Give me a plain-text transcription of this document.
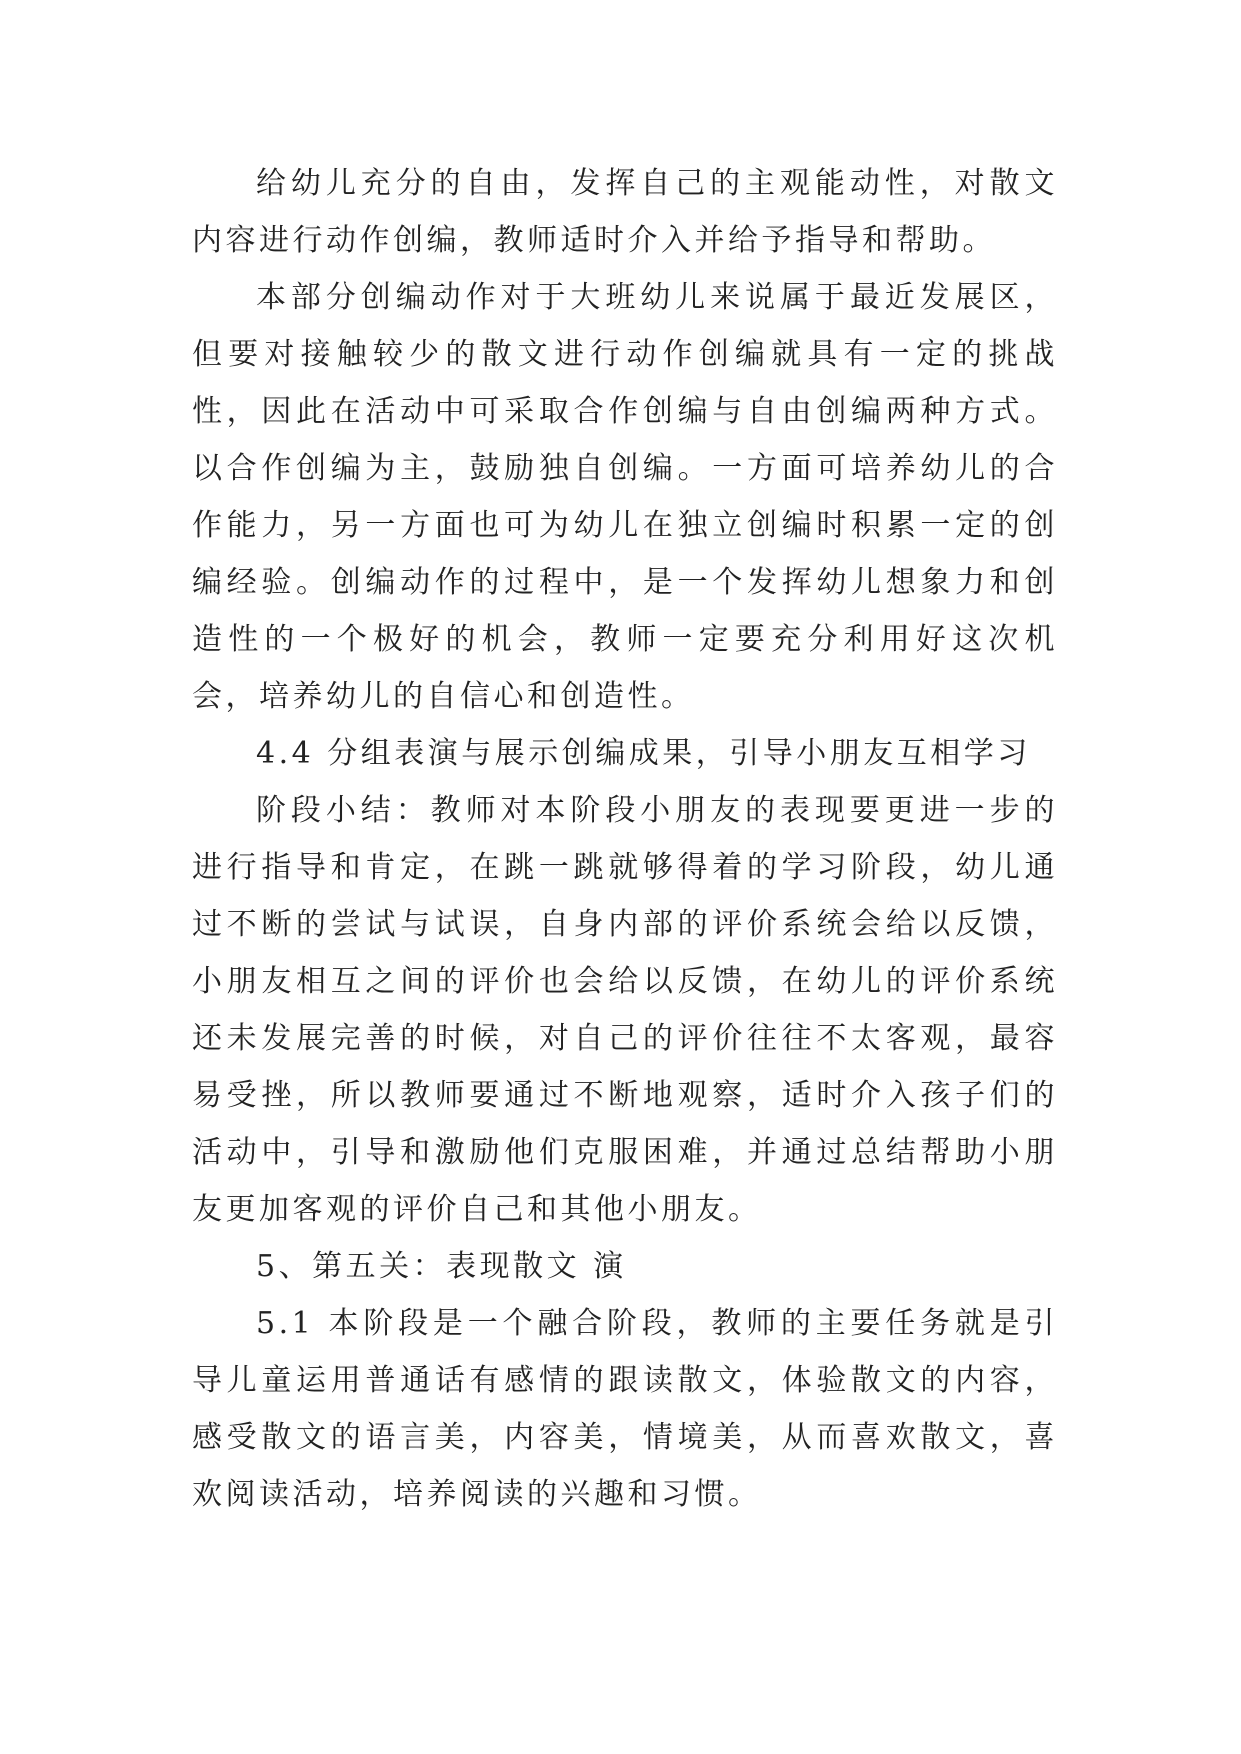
给幼儿充分的自由，发挥自己的主观能动性，对散文内容进行动作创编，教师适时介入并给予指导和帮助。

本部分创编动作对于大班幼儿来说属于最近发展区，但要对接触较少的散文进行动作创编就具有一定的挑战性，因此在活动中可采取合作创编与自由创编两种方式。以合作创编为主，鼓励独自创编。一方面可培养幼儿的合作能力，另一方面也可为幼儿在独立创编时积累一定的创编经验。创编动作的过程中，是一个发挥幼儿想象力和创造性的一个极好的机会，教师一定要充分利用好这次机会，培养幼儿的自信心和创造性。

4.4 分组表演与展示创编成果，引导小朋友互相学习

阶段小结：教师对本阶段小朋友的表现要更进一步的进行指导和肯定，在跳一跳就够得着的学习阶段，幼儿通过不断的尝试与试误，自身内部的评价系统会给以反馈，小朋友相互之间的评价也会给以反馈，在幼儿的评价系统还未发展完善的时候，对自己的评价往往不太客观，最容易受挫，所以教师要通过不断地观察，适时介入孩子们的活动中，引导和激励他们克服困难，并通过总结帮助小朋友更加客观的评价自己和其他小朋友。

5、第五关：表现散文 演

5.1 本阶段是一个融合阶段，教师的主要任务就是引导儿童运用普通话有感情的跟读散文，体验散文的内容，感受散文的语言美，内容美，情境美，从而喜欢散文，喜欢阅读活动，培养阅读的兴趣和习惯。
